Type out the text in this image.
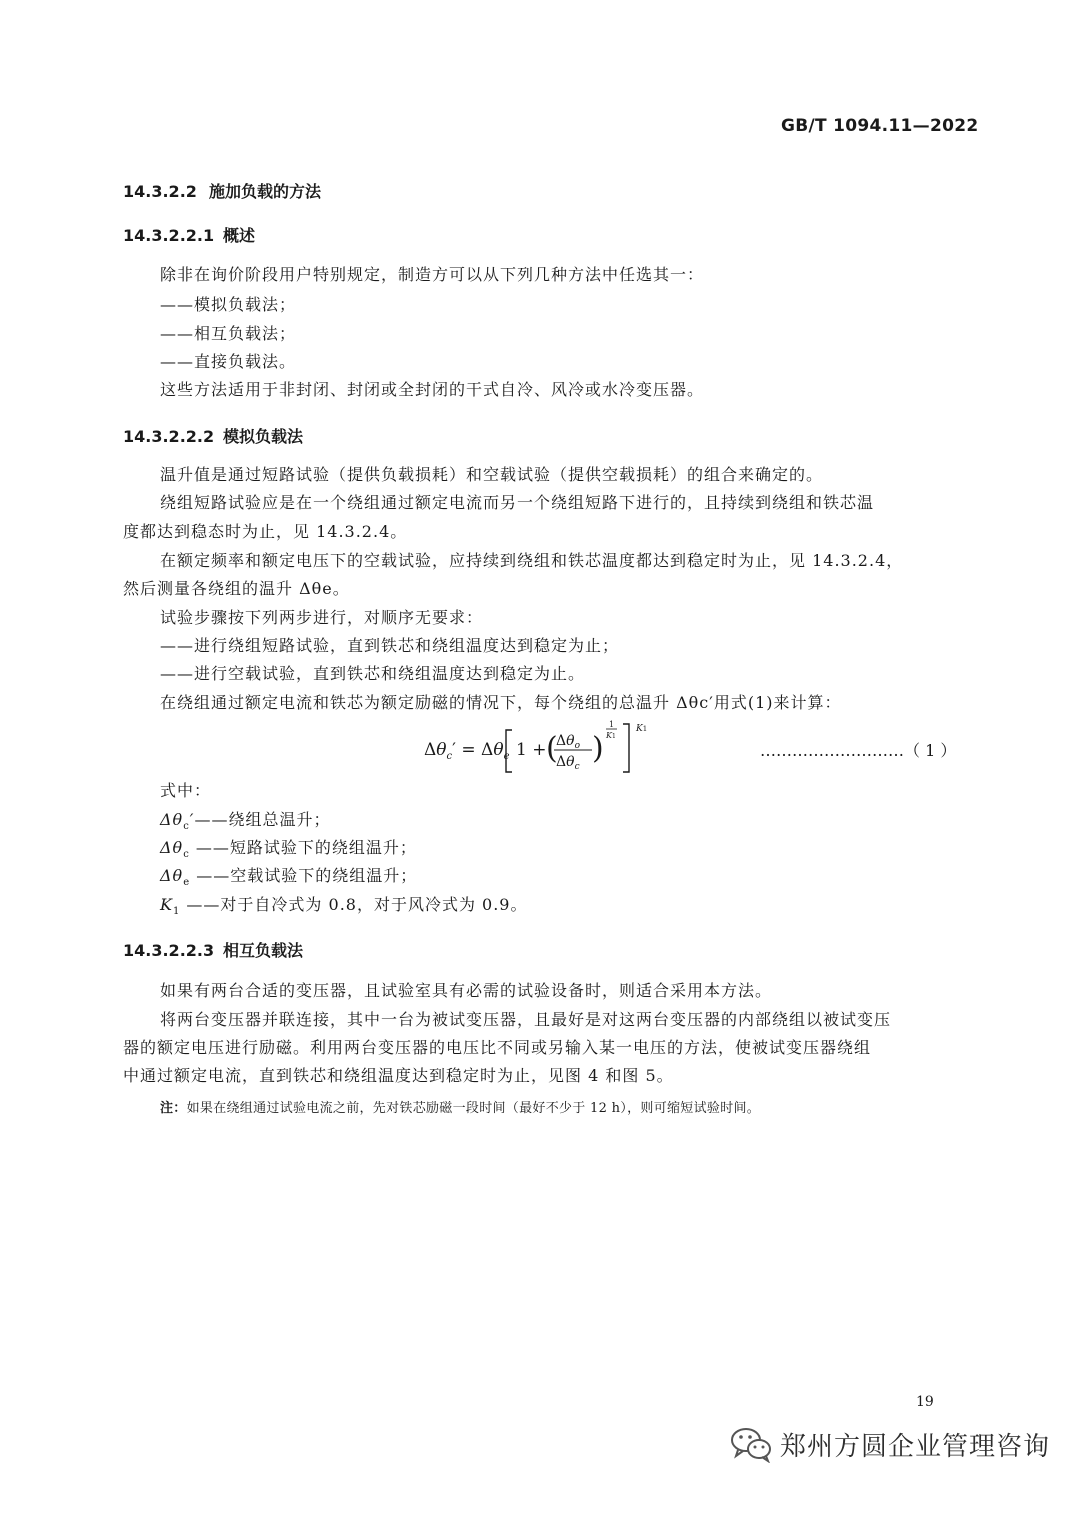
GB/T 1094.11—2022
14.3.2.2 施加负载的方法
14.3.2.2.1 概述
除非在询价阶段用户特别规定，制造方可以从下列几种方法中任选其一：
——模拟负载法；
——相互负载法；
——直接负载法。
这些方法适用于非封闭、封闭或全封闭的干式自冷、风冷或水冷变压器。
14.3.2.2.2 模拟负载法
温升值是通过短路试验（提供负载损耗）和空载试验（提供空载损耗）的组合来确定的。
绕组短路试验应是在一个绕组通过额定电流而另一个绕组短路下进行的，且持续到绕组和铁芯温
度都达到稳态时为止，见 14.3.2.4。
在额定频率和额定电压下的空载试验，应持续到绕组和铁芯温度都达到稳定时为止，见 14.3.2.4，
然后测量各绕组的温升 Δθe。
试验步骤按下列两步进行，对顺序无要求：
——进行绕组短路试验，直到铁芯和绕组温度达到稳定为止；
——进行空载试验，直到铁芯和绕组温度达到稳定为止。
在绕组通过额定电流和铁芯为额定励磁的情况下，每个绕组的总温升 Δθc′用式(1)来计算：
$\Delta\theta_c' = \Delta\theta_e$ 1 + (
$\Delta\theta_o$
$\Delta\theta_c$
)
1
K1
K1
………………………（ 1 ）
式中：
$\Delta\theta_c'——$绕组总温升；
$\Delta\theta_c$ ——短路试验下的绕组温升；
$\Delta\theta_e$ ——空载试验下的绕组温升；
$K_1$ ——对于自冷式为 0.8，对于风冷式为 0.9。
14.3.2.2.3 相互负载法
如果有两台合适的变压器，且试验室具有必需的试验设备时，则适合采用本方法。
将两台变压器并联连接，其中一台为被试变压器，且最好是对这两台变压器的内部绕组以被试变压
器的额定电压进行励磁。利用两台变压器的电压比不同或另输入某一电压的方法，使被试变压器绕组
中通过额定电流，直到铁芯和绕组温度达到稳定时为止，见图 4 和图 5。
注：如果在绕组通过试验电流之前，先对铁芯励磁一段时间（最好不少于 12 h），则可缩短试验时间。
19
郑州方圆企业管理咨询
